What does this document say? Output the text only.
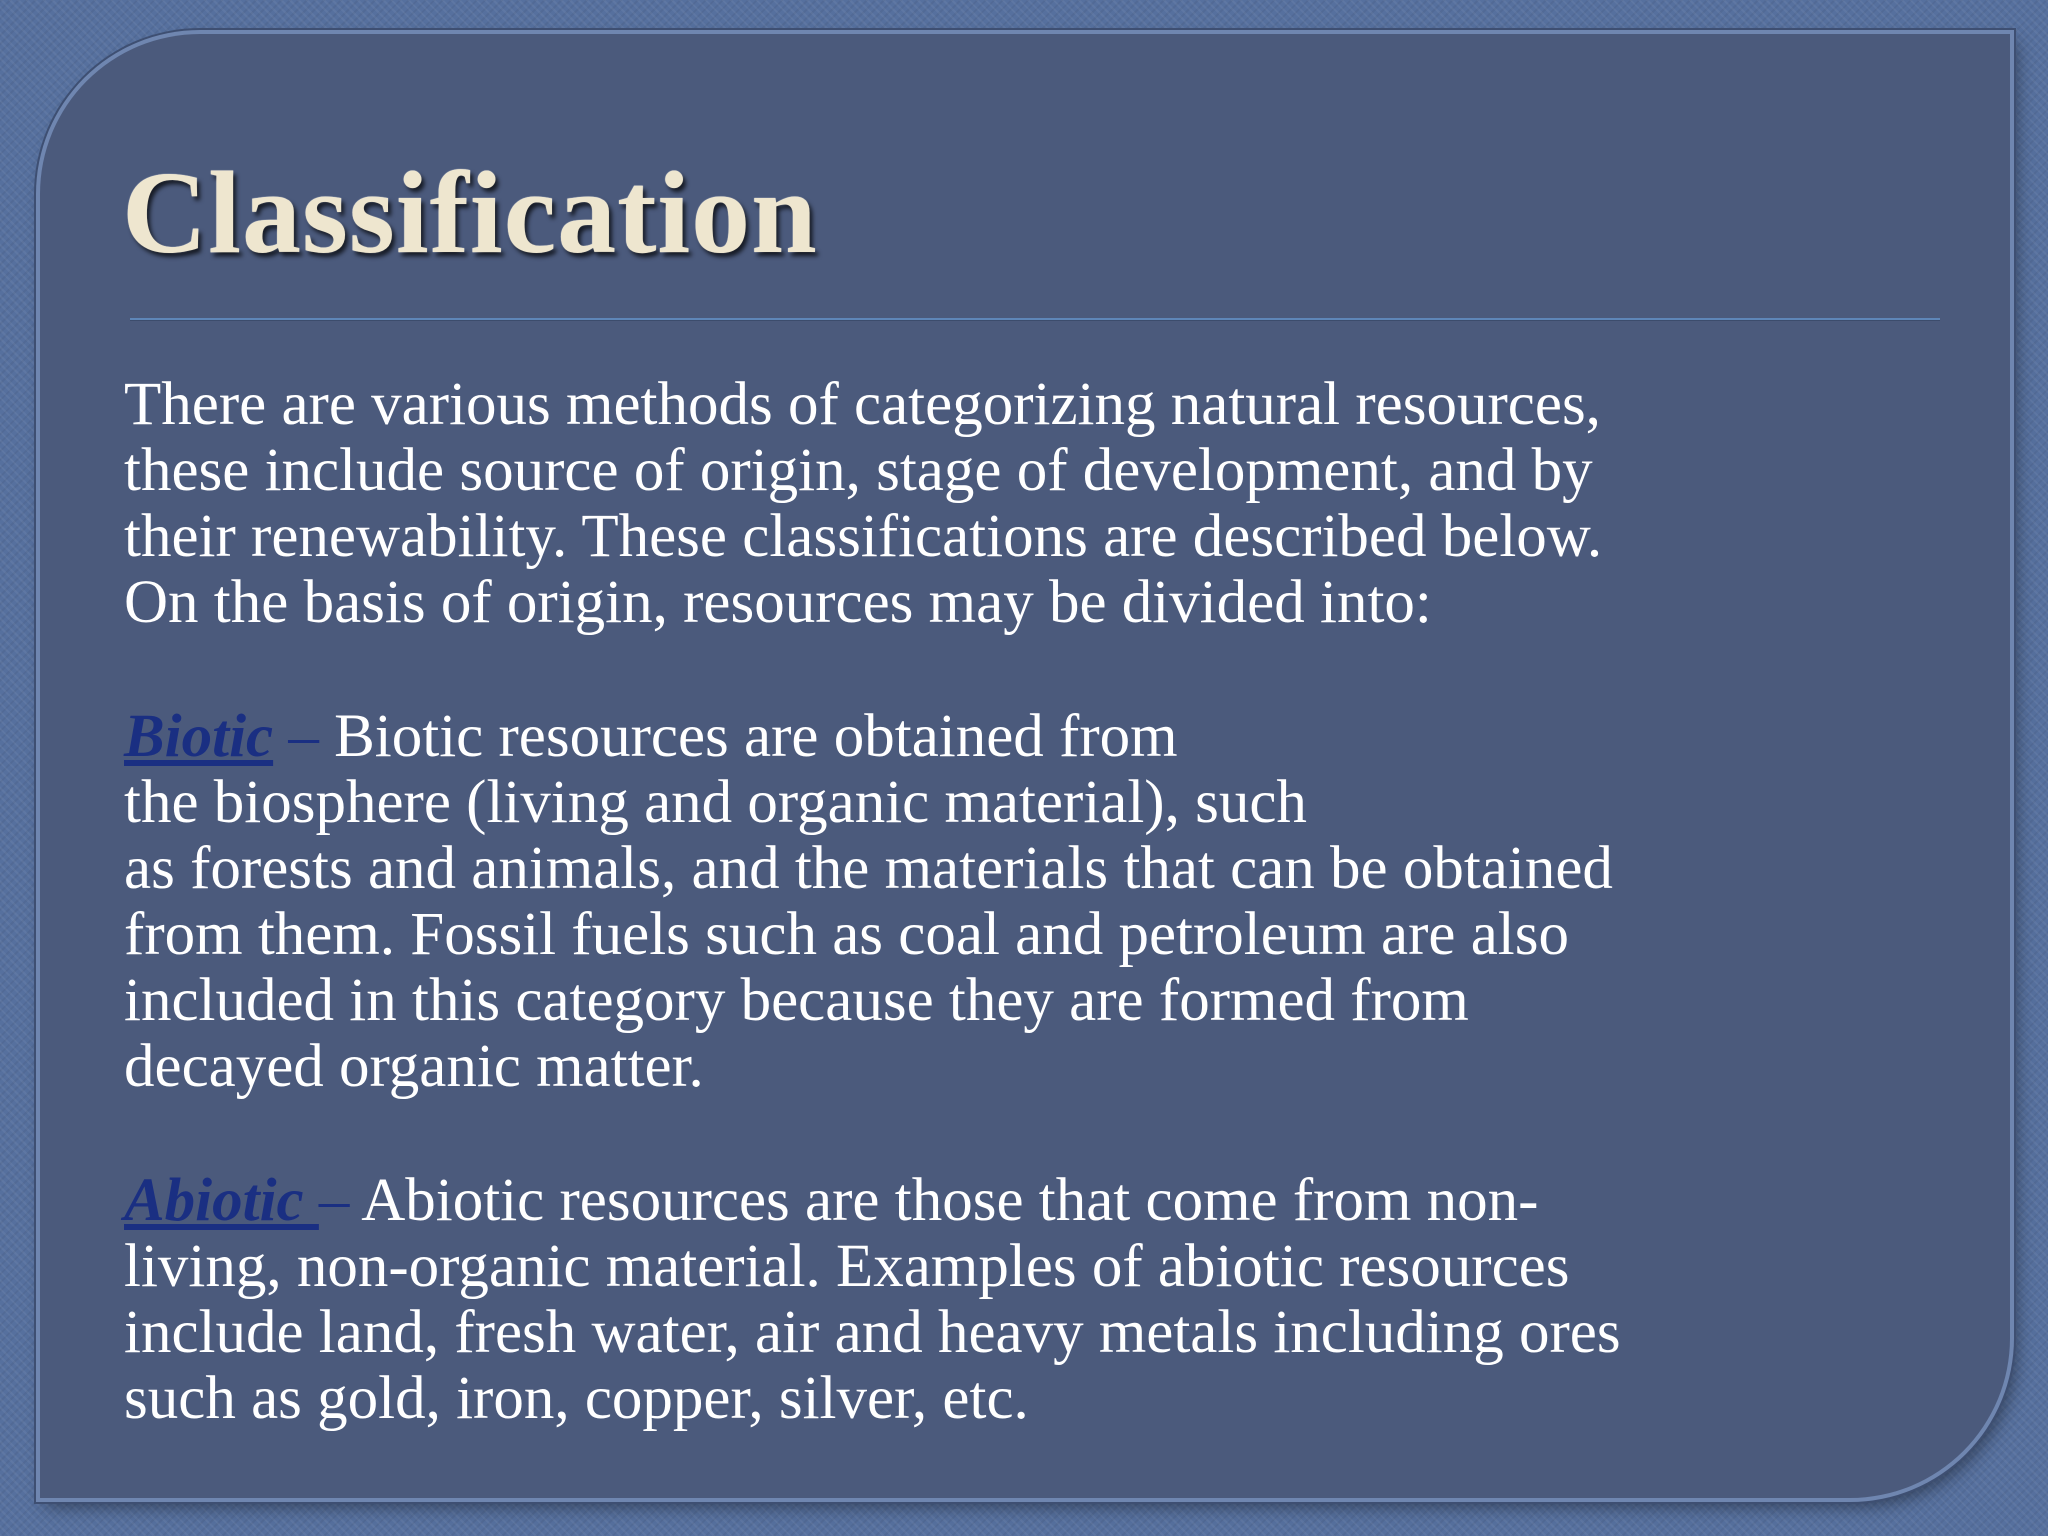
Classification

There are various methods of categorizing natural resources,
these include source of origin, stage of development, and by
their renewability. These classifications are described below.
On the basis of origin, resources may be divided into:

Biotic – Biotic resources are obtained from
the biosphere (living and organic material), such
as forests and animals, and the materials that can be obtained
from them. Fossil fuels such as coal and petroleum are also
included in this category because they are formed from
decayed organic matter.

Abiotic – Abiotic resources are those that come from non-
living, non-organic material. Examples of abiotic resources
include land, fresh water, air and heavy metals including ores
such as gold, iron, copper, silver, etc.
